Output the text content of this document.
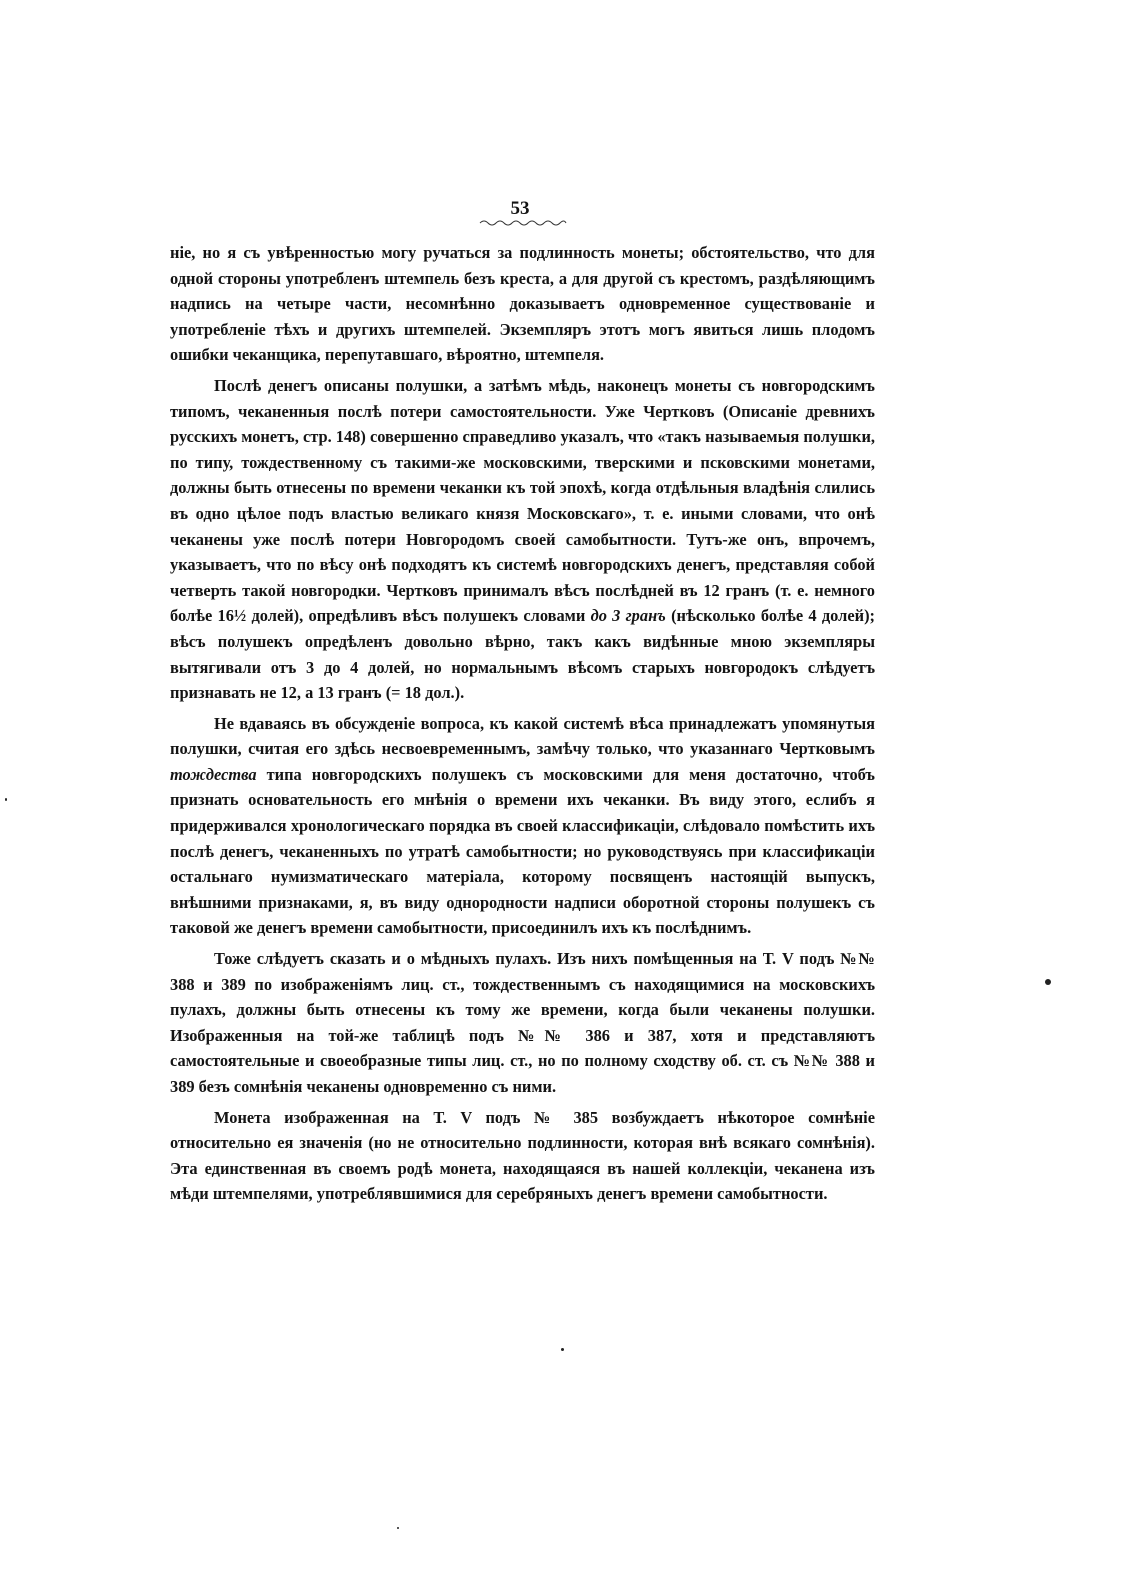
53

ніе, но я съ увѣренностью могу ручаться за подлинность монеты; обстоятельство, что для одной стороны употребленъ штемпель безъ креста, а для другой съ крестомъ, раздѣляющимъ надпись на четыре части, несомнѣнно доказываетъ одновременное существованіе и употребленіе тѣхъ и другихъ штемпелей. Экземпляръ этотъ могъ явиться лишь плодомъ ошибки чеканщика, перепутавшаго, вѣроятно, штемпеля.

Послѣ денегъ описаны полушки, а затѣмъ мѣдь, наконецъ монеты съ новгородскимъ типомъ, чеканенныя послѣ потери самостоятельности. Уже Чертковъ (Описаніе древнихъ русскихъ монетъ, стр. 148) совершенно справедливо указалъ, что «такъ называемыя полушки, по типу, тождественному съ такими-же московскими, тверскими и псковскими монетами, должны быть отнесены по времени чеканки къ той эпохѣ, когда отдѣльныя владѣнія слились въ одно цѣлое подъ властью великаго князя Московскаго», т. е. иными словами, что онѣ чеканены уже послѣ потери Новгородомъ своей самобытности. Тутъ-же онъ, впрочемъ, указываетъ, что по вѣсу онѣ подходятъ къ системѣ новгородскихъ денегъ, представляя собой четверть такой новгородки. Чертковъ принималъ вѣсъ послѣдней въ 12 гранъ (т. е. немного болѣе 16½ долей), опредѣливъ вѣсъ полушекъ словами до 3 гранъ (нѣсколько болѣе 4 долей); вѣсъ полушекъ опредѣленъ довольно вѣрно, такъ какъ видѣнные мною экземпляры вытягивали отъ 3 до 4 долей, но нормальнымъ вѣсомъ старыхъ новгородокъ слѣдуетъ признавать не 12, а 13 гранъ (= 18 дол.).

Не вдаваясь въ обсужденіе вопроса, къ какой системѣ вѣса принадлежатъ упомянутыя полушки, считая его здѣсь несвоевременнымъ, замѣчу только, что указаннаго Чертковымъ тождества типа новгородскихъ полушекъ съ московскими для меня достаточно, чтобъ признать основательность его мнѣнія о времени ихъ чеканки. Въ виду этого, еслибъ я придерживался хронологическаго порядка въ своей классификаціи, слѣдовало помѣстить ихъ послѣ денегъ, чеканенныхъ по утратѣ самобытности; но руководствуясь при классификаціи остальнаго нумизматическаго матеріала, которому посвященъ настоящій выпускъ, внѣшними признаками, я, въ виду однородности надписи оборотной стороны полушекъ съ таковой же денегъ времени самобытности, присоединилъ ихъ къ послѣднимъ.

Тоже слѣдуетъ сказать и о мѣдныхъ пулахъ. Изъ нихъ помѣщенныя на Т. V подъ №№ 388 и 389 по изображеніямъ лиц. ст., тождественнымъ съ находящимися на московскихъ пулахъ, должны быть отнесены къ тому же времени, когда были чеканены полушки. Изображенныя на той-же таблицѣ подъ №№ 386 и 387, хотя и представляютъ самостоятельные и своеобразные типы лиц. ст., но по полному сходству об. ст. съ №№ 388 и 389 безъ сомнѣнія чеканены одновременно съ ними.

Монета изображенная на Т. V подъ № 385 возбуждаетъ нѣкоторое сомнѣніе относительно ея значенія (но не относительно подлинности, которая внѣ всякаго сомнѣнія). Эта единственная въ своемъ родѣ монета, находящаяся въ нашей коллекціи, чеканена изъ мѣди штемпелями, употреблявшимися для серебряныхъ денегъ времени самобытности.
